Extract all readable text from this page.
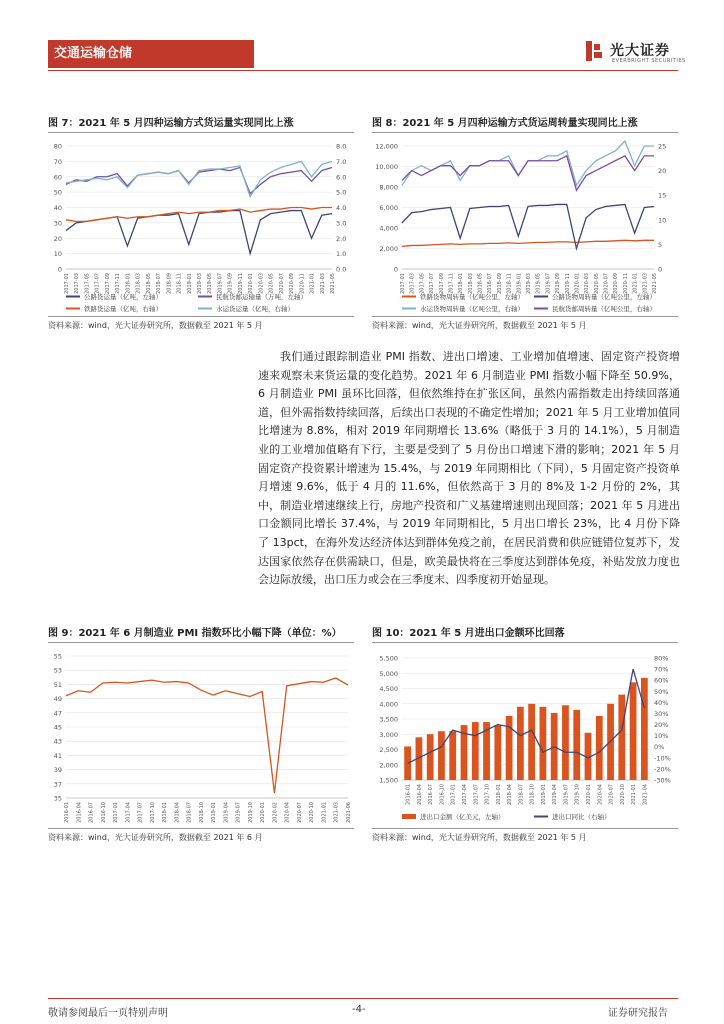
交通运输仓储	光大证券
EVERBRIGHT SECURITIES
图 7：2021 年 5 月四种运输方式货运量实现同比上涨
0
10
20
30
40
50
60
70
80
0.0
1.0
2.0
3.0
4.0
5.0
6.0
7.0
8.0
2017-01 2017-03 2017-05 2017-07 2017-09 2017-11 2018-01 2018-03 2018-05 2018-07 2018-09 2018-11 2019-01 2019-03 2019-05 2019-07 2019-09 2019-11 2020-01 2020-03 2020-05 2020-07 2020-09 2020-11 2021-01 2021-03 2021-05
公路货运量（亿吨，左轴）	民航货邮运输量（万吨，左轴）
铁路货运量（亿吨，右轴）	水运货运量（亿吨，右轴）
资料来源：wind，光大证券研究所，数据截至 2021 年 5 月
图 8：2021 年 5 月四种运输方式货运周转量实现同比上涨
0
2,000
4,000
6,000
8,000
10,000
12,000
0
5
10
15
20
25
2017-01 2017-03 2017-05 2017-07 2017-09 2017-11 2018-01 2018-03 2018-05 2018-07 2018-09 2018-11 2019-01 2019-03 2019-05 2019-07 2019-09 2019-11 2020-01 2020-03 2020-05 2020-07 2020-09 2020-11 2021-01 2021-03 2021-05
铁路货物周转量（亿吨公里，左轴）	公路货物周转量（亿吨公里，左轴）
水运货物周转量（亿吨公里，右轴）	民航货邮周转量（亿吨公里，右轴）
资料来源：wind，光大证券研究所，数据截至 2021 年 5 月

我们通过跟踪制造业 PMI 指数、进出口增速、工业增加值增速、固定资产投资增速来观察未来货运量的变化趋势。2021 年 6 月制造业 PMI 指数小幅下降至 50.9%，6 月制造业 PMI 虽环比回落，但依然维持在扩张区间，虽然内需指数走出持续回落通道，但外需指数持续回落，后续出口表现的不确定性增加；2021 年 5 月工业增加值同比增速为 8.8%，相对 2019 年同期增长 13.6%（略低于 3 月的 14.1%），5 月制造业的工业增加值略有下行，主要是受到了 5 月份出口增速下滑的影响；2021 年 5 月固定资产投资累计增速为 15.4%，与 2019 年同期相比（下同），5 月固定资产投资单月增速 9.6%，低于 4 月的 11.6%，但依然高于 3 月的 8%及 1-2 月份的 2%，其中，制造业增速继续上行，房地产投资和广义基建增速则出现回落；2021 年 5 月进出口金额同比增长 37.4%，与 2019 年同期相比，5 月出口增长 23%，比 4 月份下降了 13pct，在海外发达经济体达到群体免疫之前，在居民消费和供应链错位复苏下，发达国家依然存在供需缺口，但是，欧美最快将在三季度达到群体免疫，补贴发放力度也会边际放缓，出口压力或会在三季度末、四季度初开始显现。

图 9：2021 年 6 月制造业 PMI 指数环比小幅下降（单位：%）
35
37
39
41
43
45
47
49
51
53
55
2016-01 2016-04 2016-07 2016-10 2017-01 2017-04 2017-07 2017-10 2018-01 2018-04 2018-07 2018-10 2019-01 2019-04 2019-07 2019-10 2020-01 2020-02 2020-04 2020-07 2020-10 2021-01 2021-03 2021-06
资料来源：wind，光大证券研究所，数据截至 2021 年 6 月
图 10：2021 年 5 月进出口金额环比回落
1,500
2,000
2,500
3,000
3,500
4,000
4,500
5,000
5,500
-30%
-20%
-10%
0%
10%
20%
30%
40%
50%
60%
70%
80%
2016-01 2016-04 2016-07 2016-10 2017-01 2017-04 2017-07 2017-10 2018-01 2018-04 2018-07 2018-10 2019-01 2019-04 2019-07 2019-10 2020-01 2020-04 2020-07 2020-10 2021-01 2021-04
进出口金额（亿美元，左轴）	进出口同比（右轴）
资料来源：wind，光大证券研究所，数据截至 2021 年 5 月
敬请参阅最后一页特别声明	-4-	证券研究报告
